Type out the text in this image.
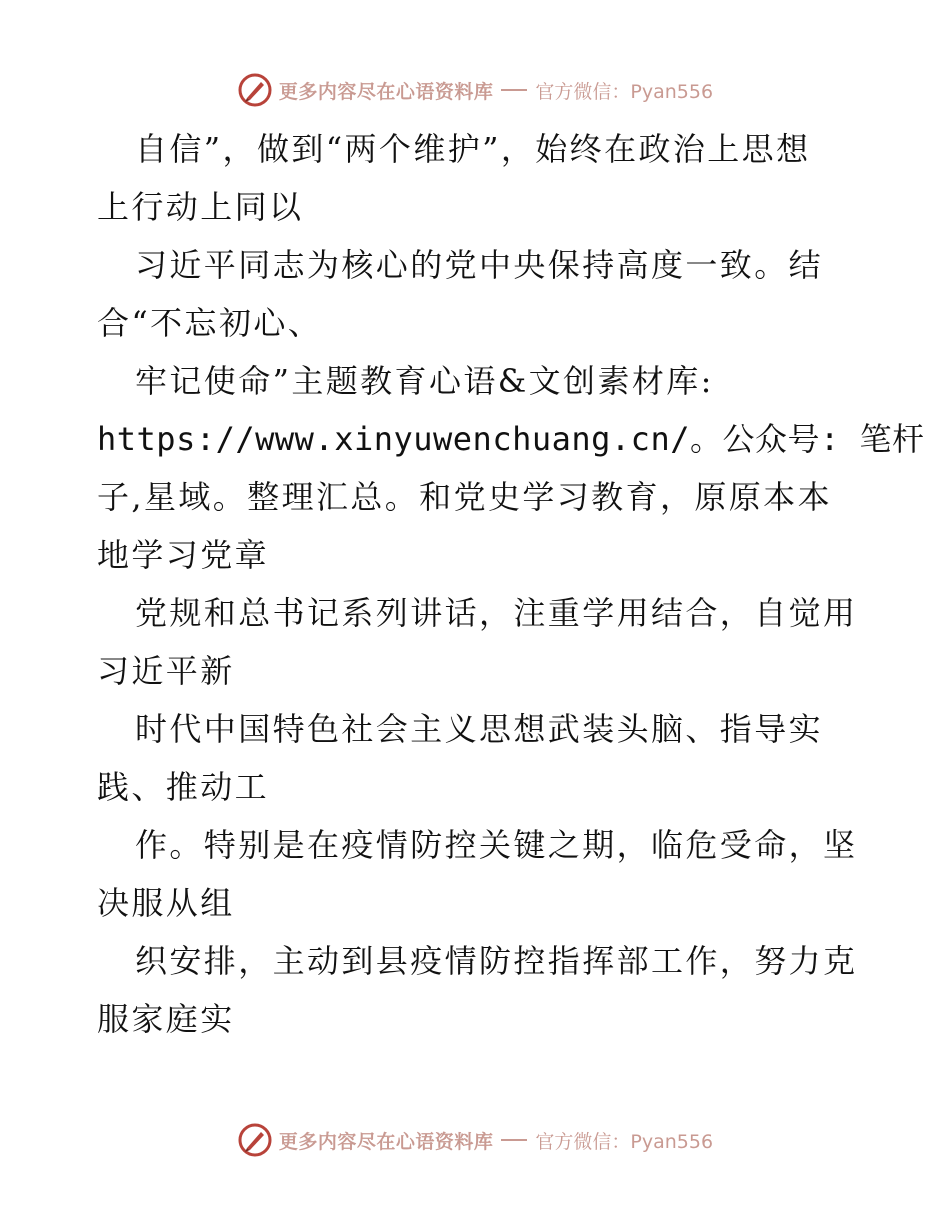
更多内容尽在心语资料库 官方微信：Pyan556
自信”，做到“两个维护”，始终在政治上思想
上行动上同以
习近平同志为核心的党中央保持高度一致。结
合“不忘初心、
牢记使命”主题教育心语&文创素材库:
https://www.xinyuwenchuang.cn/。公众号: 笔杆
子,星域。整理汇总。和党史学习教育，原原本本
地学习党章
党规和总书记系列讲话，注重学用结合，自觉用
习近平新
时代中国特色社会主义思想武装头脑、指导实
践、推动工
作。特别是在疫情防控关键之期，临危受命，坚
决服从组
织安排，主动到县疫情防控指挥部工作，努力克
服家庭实
更多内容尽在心语资料库 官方微信：Pyan556
